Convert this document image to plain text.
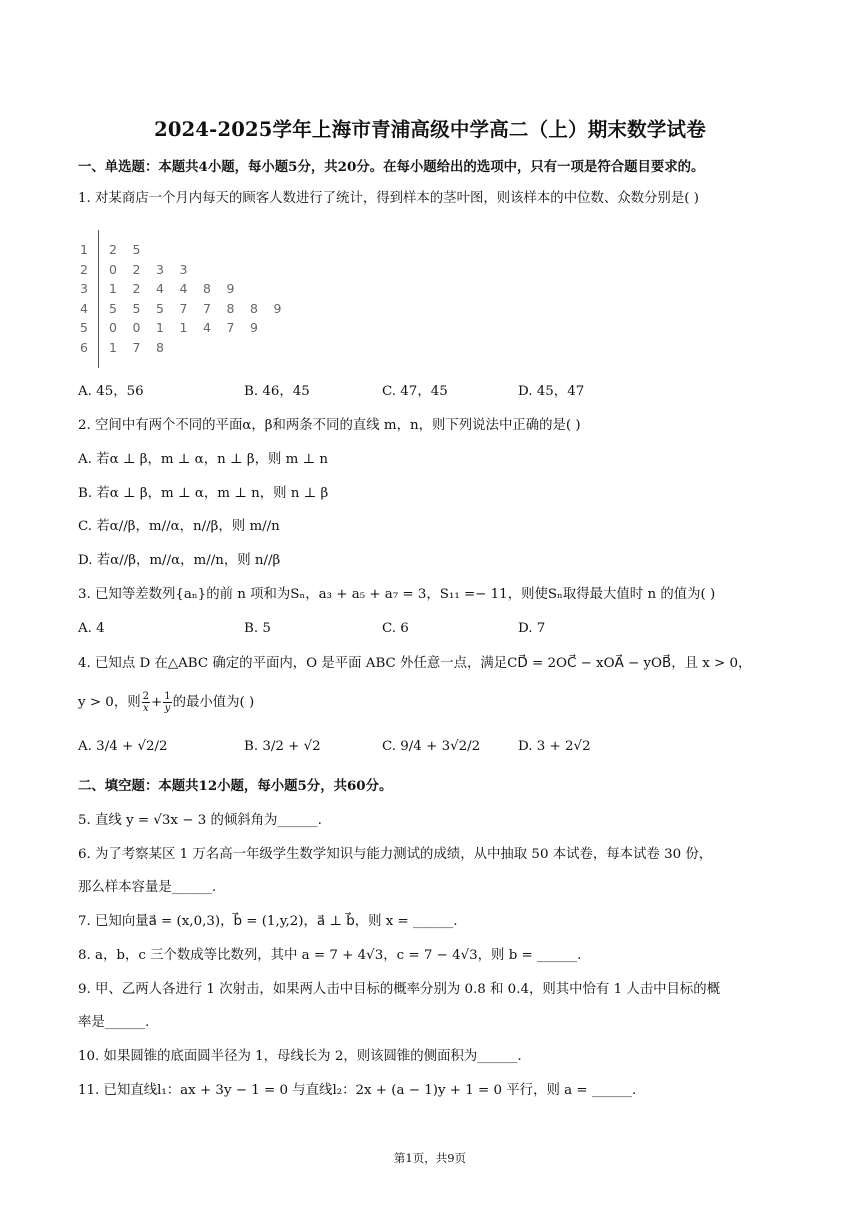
2024-2025学年上海市青浦高级中学高二（上）期末数学试卷
一、单选题：本题共4小题，每小题5分，共20分。在每小题给出的选项中，只有一项是符合题目要求的。
1. 对某商店一个月内每天的顾客人数进行了统计，得到样本的茎叶图，则该样本的中位数、众数分别是( )
1	2 5
2	0 2 3 3
3	1 2 4 4 8 9
4	5 5 5 7 7 8 8 9
5	0 0 1 1 4 7 9
6	1 7 8
A. 45，56	B. 46，45	C. 47，45	D. 45，47
2. 空间中有两个不同的平面α，β和两条不同的直线 m，n，则下列说法中正确的是( )
A. 若α ⊥ β，m ⊥ α，n ⊥ β，则 m ⊥ n
B. 若α ⊥ β，m ⊥ α，m ⊥ n，则 n ⊥ β
C. 若α//β，m//α，n//β，则 m//n
D. 若α//β，m//α，m//n，则 n//β
3. 已知等差数列{aₙ}的前 n 项和为Sₙ，a₃ + a₅ + a₇ = 3，S₁₁ =− 11，则使Sₙ取得最大值时 n 的值为( )
A. 4	B. 5	C. 6	D. 7
4. 已知点 D 在△ABC 确定的平面内，O 是平面 ABC 外任意一点，满足CD⃗ = 2OC⃗ − xOA⃗ − yOB⃗，且 x > 0，
y > 0，则 $\frac{2}{x} + \frac{1}{y}$ 的最小值为( )
A. 3/4 + √2/2	B. 3/2 + √2	C. 9/4 + 3√2/2	D. 3 + 2√2
二、填空题：本题共12小题，每小题5分，共60分。
5. 直线 y = √3x − 3 的倾斜角为______.
6. 为了考察某区 1 万名高一年级学生数学知识与能力测试的成绩，从中抽取 50 本试卷，每本试卷 30 份，
那么样本容量是______.
7. 已知向量a⃗ = (x,0,3)，b⃗ = (1,y,2)，a⃗ ⊥ b⃗，则 x = ______.
8. a，b，c 三个数成等比数列，其中 a = 7 + 4√3，c = 7 − 4√3，则 b = ______.
9. 甲、乙两人各进行 1 次射击，如果两人击中目标的概率分别为 0.8 和 0.4，则其中恰有 1 人击中目标的概
率是______.
10. 如果圆锥的底面圆半径为 1，母线长为 2，则该圆锥的侧面积为______.
11. 已知直线l₁：ax + 3y − 1 = 0 与直线l₂：2x + (a − 1)y + 1 = 0 平行，则 a = ______.
第1页，共9页
